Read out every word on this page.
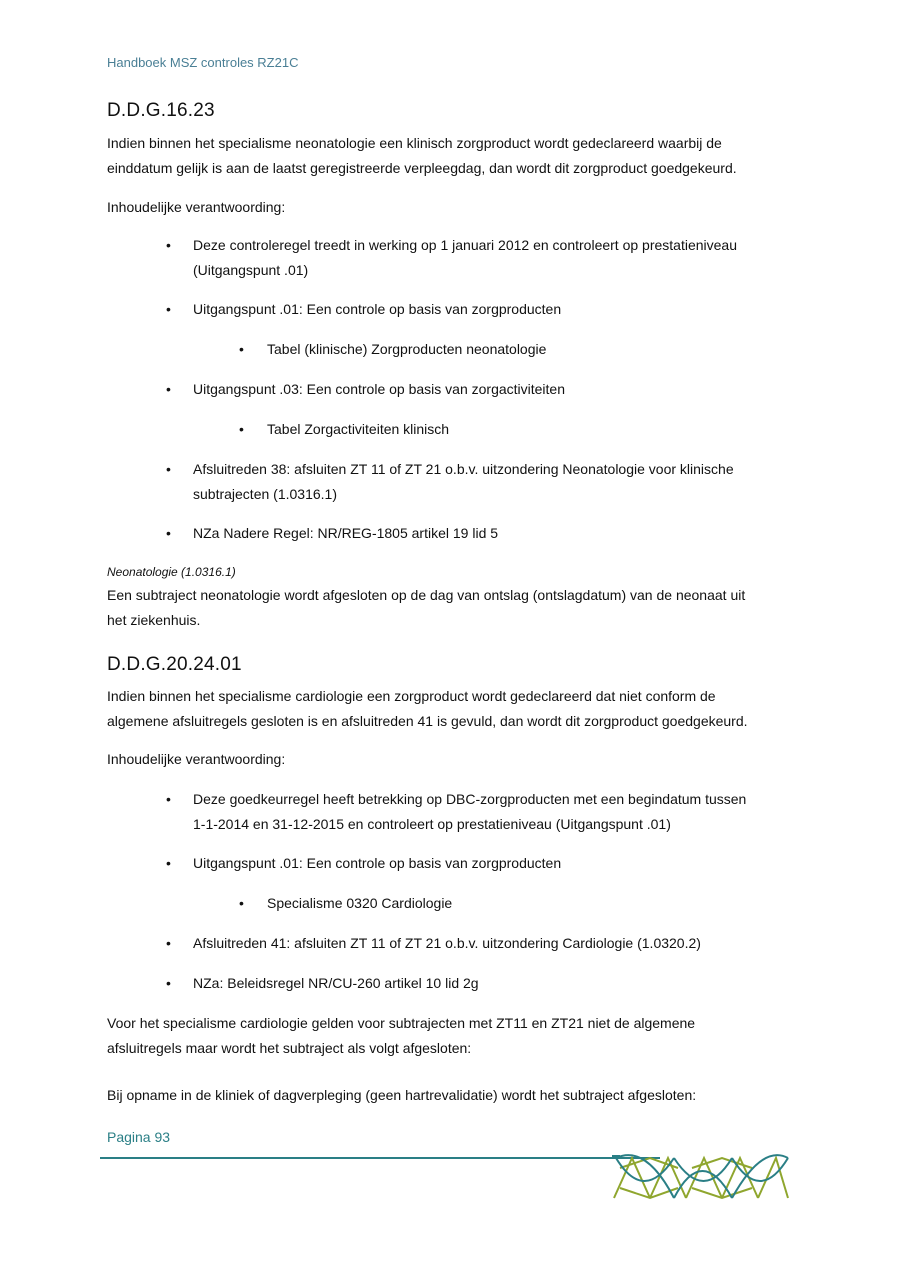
Handboek MSZ controles RZ21C
D.D.G.16.23
Indien binnen het specialisme neonatologie een klinisch zorgproduct wordt gedeclareerd waarbij de
einddatum gelijk is aan de laatst geregistreerde verpleegdag, dan wordt dit zorgproduct goedgekeurd.
Inhoudelijke verantwoording:
• Deze controleregel treedt in werking op 1 januari 2012 en controleert op prestatieniveau
(Uitgangspunt .01)
• Uitgangspunt .01: Een controle op basis van zorgproducten
• Tabel (klinische) Zorgproducten neonatologie
• Uitgangspunt .03: Een controle op basis van zorgactiviteiten
• Tabel Zorgactiviteiten klinisch
• Afsluitreden 38: afsluiten ZT 11 of ZT 21 o.b.v. uitzondering Neonatologie voor klinische
subtrajecten (1.0316.1)
• NZa Nadere Regel: NR/REG-1805 artikel 19 lid 5
Neonatologie (1.0316.1)
Een subtraject neonatologie wordt afgesloten op de dag van ontslag (ontslagdatum) van de neonaat uit
het ziekenhuis.
D.D.G.20.24.01
Indien binnen het specialisme cardiologie een zorgproduct wordt gedeclareerd dat niet conform de
algemene afsluitregels gesloten is en afsluitreden 41 is gevuld, dan wordt dit zorgproduct goedgekeurd.
Inhoudelijke verantwoording:
• Deze goedkeurregel heeft betrekking op DBC-zorgproducten met een begindatum tussen
1-1-2014 en 31-12-2015 en controleert op prestatieniveau (Uitgangspunt .01)
• Uitgangspunt .01: Een controle op basis van zorgproducten
• Specialisme 0320 Cardiologie
• Afsluitreden 41: afsluiten ZT 11 of ZT 21 o.b.v. uitzondering Cardiologie (1.0320.2)
• NZa: Beleidsregel NR/CU-260 artikel 10 lid 2g
Voor het specialisme cardiologie gelden voor subtrajecten met ZT11 en ZT21 niet de algemene
afsluitregels maar wordt het subtraject als volgt afgesloten:
Bij opname in de kliniek of dagverpleging (geen hartrevalidatie) wordt het subtraject afgesloten:
Pagina 93
